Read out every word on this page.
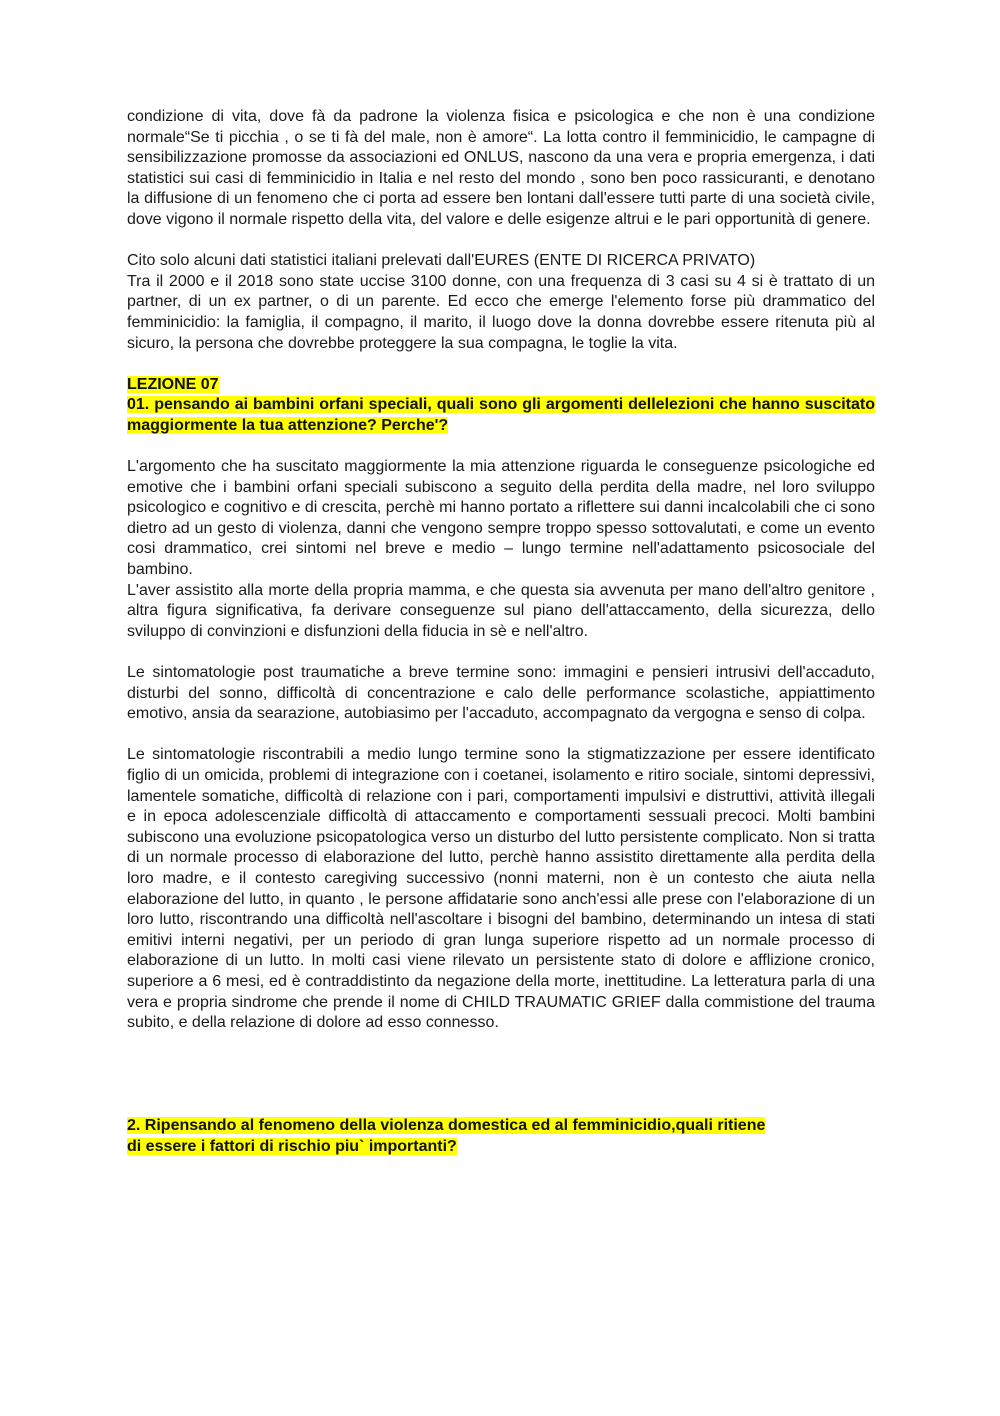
condizione di vita, dove fà da padrone la violenza fisica e psicologica e che non è una condizione normale“Se ti picchia , o se ti fà del male, non è amore“. La lotta contro il femminicidio, le campagne di sensibilizzazione promosse da associazioni ed ONLUS, nascono da una vera e propria emergenza, i dati statistici sui casi di femminicidio in Italia e nel resto del mondo , sono ben poco rassicuranti, e denotano la diffusione di un fenomeno che ci porta ad essere ben lontani dall'essere tutti parte di una società civile, dove vigono il normale rispetto della vita, del valore e delle esigenze altrui e le pari opportunità di genere.

Cito solo alcuni dati statistici italiani prelevati dall'EURES (ENTE DI RICERCA PRIVATO)

Tra il 2000 e il 2018 sono state uccise 3100 donne, con una frequenza di 3 casi su 4 si è trattato di un partner, di un ex partner, o di un parente. Ed ecco che emerge l'elemento forse più drammatico del femminicidio: la famiglia, il compagno, il marito, il luogo dove la donna dovrebbe essere ritenuta più al sicuro, la persona che dovrebbe proteggere la sua compagna, le toglie la vita.

LEZIONE 07

01. pensando ai bambini orfani speciali, quali sono gli argomenti dellelezioni che hanno suscitato maggiormente la tua attenzione? Perche'?

L'argomento che ha suscitato maggiormente la mia attenzione riguarda le conseguenze psicologiche ed emotive che i bambini orfani speciali subiscono a seguito della perdita della madre, nel loro sviluppo psicologico e cognitivo e di crescita, perchè mi hanno portato a riflettere sui danni incalcolabili che ci sono dietro ad un gesto di violenza, danni che vengono sempre troppo spesso sottovalutati, e come un evento cosi drammatico, crei sintomi nel breve e medio – lungo termine nell'adattamento psicosociale del bambino.

L'aver assistito alla morte della propria mamma, e che questa sia avvenuta per mano dell'altro genitore , altra figura significativa, fa derivare conseguenze sul piano dell'attaccamento, della sicurezza, dello sviluppo di convinzioni e disfunzioni della fiducia in sè e nell'altro.

Le sintomatologie post traumatiche a breve termine sono: immagini e pensieri intrusivi dell'accaduto, disturbi del sonno, difficoltà di concentrazione e calo delle performance scolastiche, appiattimento emotivo, ansia da searazione, autobiasimo per l'accaduto, accompagnato da vergogna e senso di colpa.

Le sintomatologie riscontrabili a medio lungo termine sono la stigmatizzazione per essere identificato figlio di un omicida, problemi di integrazione con i coetanei, isolamento e ritiro sociale, sintomi depressivi, lamentele somatiche, difficoltà di relazione con i pari, comportamenti impulsivi e distruttivi, attività illegali e in epoca adolescenziale difficoltà di attaccamento e comportamenti sessuali precoci. Molti bambini subiscono una evoluzione psicopatologica verso un disturbo del lutto persistente complicato. Non si tratta di un normale processo di elaborazione del lutto, perchè hanno assistito direttamente alla perdita della loro madre, e il contesto caregiving successivo (nonni materni, non è un contesto che aiuta nella elaborazione del lutto, in quanto , le persone affidatarie sono anch'essi alle prese con l'elaborazione di un loro lutto, riscontrando una difficoltà nell'ascoltare i bisogni del bambino, determinando un intesa di stati emitivi interni negativi, per un periodo di gran lunga superiore rispetto ad un normale processo di elaborazione di un lutto. In molti casi viene rilevato un persistente stato di dolore e afflizione cronico, superiore a 6 mesi, ed è contraddistinto da negazione della morte, inettitudine. La letteratura parla di una vera e propria sindrome che prende il nome di CHILD TRAUMATIC GRIEF dalla commistione del trauma subito, e della relazione di dolore ad esso connesso.

2. Ripensando al fenomeno della violenza domestica ed al femminicidio,quali ritiene
di essere i fattori di rischio piu` importanti?
